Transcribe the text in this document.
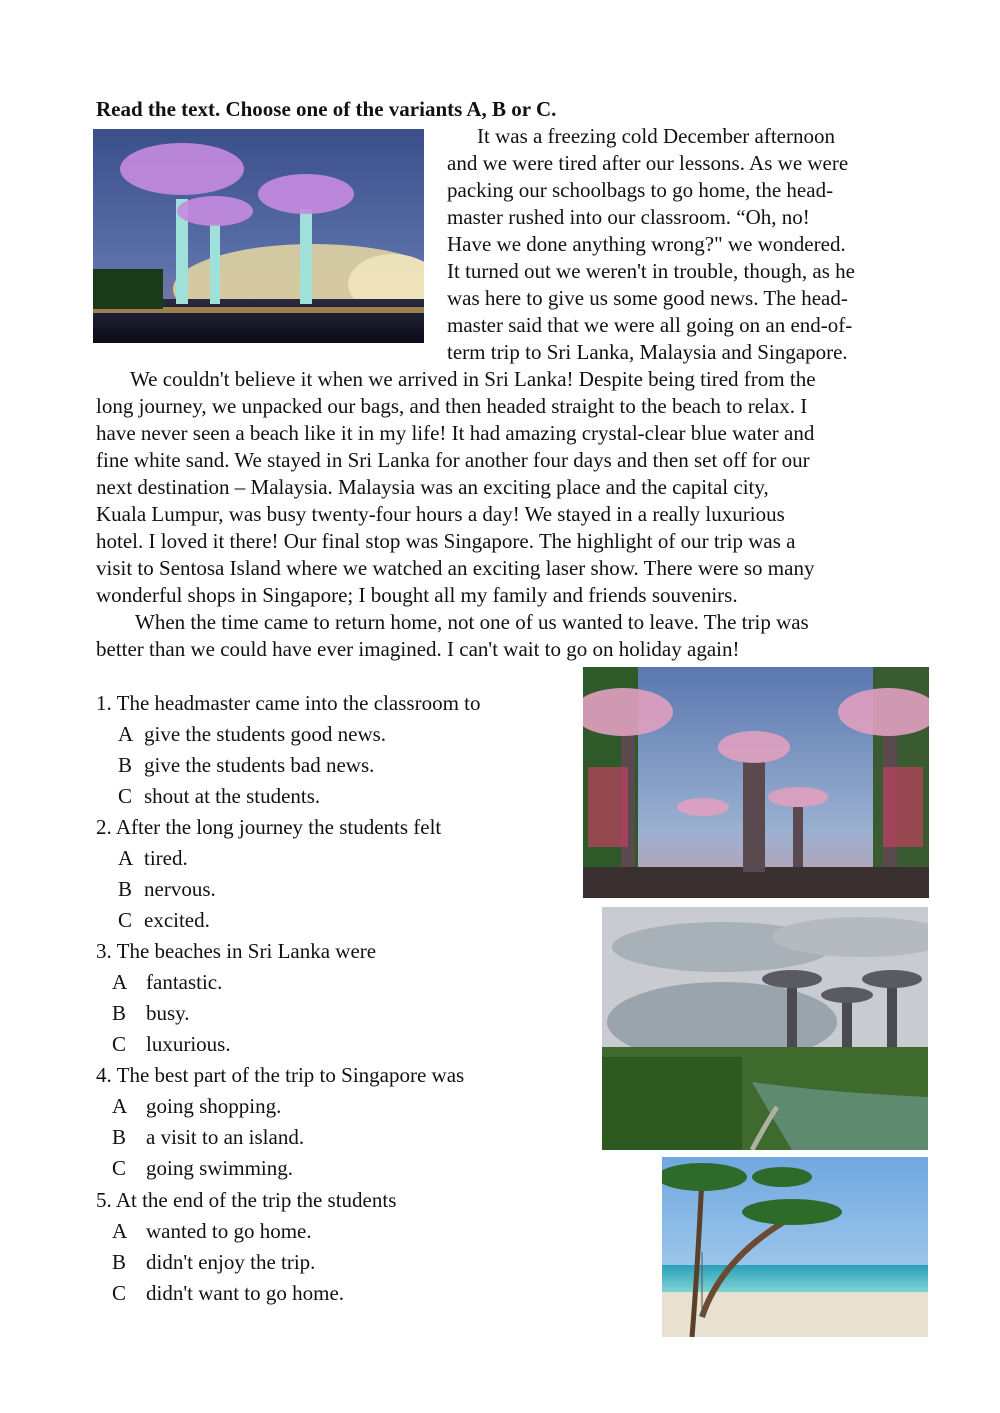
Read the text. Choose one of the variants A, B or C.
It was a freezing cold December afternoon
and we were tired after our lessons. As we were
packing our schoolbags to go home, the head-
master rushed into our classroom. “Oh, no!
Have we done anything wrong?" we wondered.
It turned out we weren't in trouble, though, as he
was here to give us some good news. The head-
master said that we were all going on an end-of-
term trip to Sri Lanka, Malaysia and Singapore.
We couldn't believe it when we arrived in Sri Lanka! Despite being tired from the
long journey, we unpacked our bags, and then headed straight to the beach to relax. I
have never seen a beach like it in my life! It had amazing crystal-clear blue water and
fine white sand. We stayed in Sri Lanka for another four days and then set off for our
next destination – Malaysia. Malaysia was an exciting place and the capital city,
Kuala Lumpur, was busy twenty-four hours a day! We stayed in a really luxurious
hotel. I loved it there! Our final stop was Singapore. The highlight of our trip was a
visit to Sentosa Island where we watched an exciting laser show. There were so many
wonderful shops in Singapore; I bought all my family and friends souvenirs.
When the time came to return home, not one of us wanted to leave. The trip was
better than we could have ever imagined. I can't wait to go on holiday again!
1. The headmaster came into the classroom to
A give the students good news.
B give the students bad news.
C shout at the students.
2. After the long journey the students felt
A tired.
B nervous.
C excited.
3. The beaches in Sri Lanka were
A fantastic.
B busy.
C luxurious.
4. The best part of the trip to Singapore was
A going shopping.
B a visit to an island.
C going swimming.
5. At the end of the trip the students
A wanted to go home.
B didn't enjoy the trip.
C didn't want to go home.
